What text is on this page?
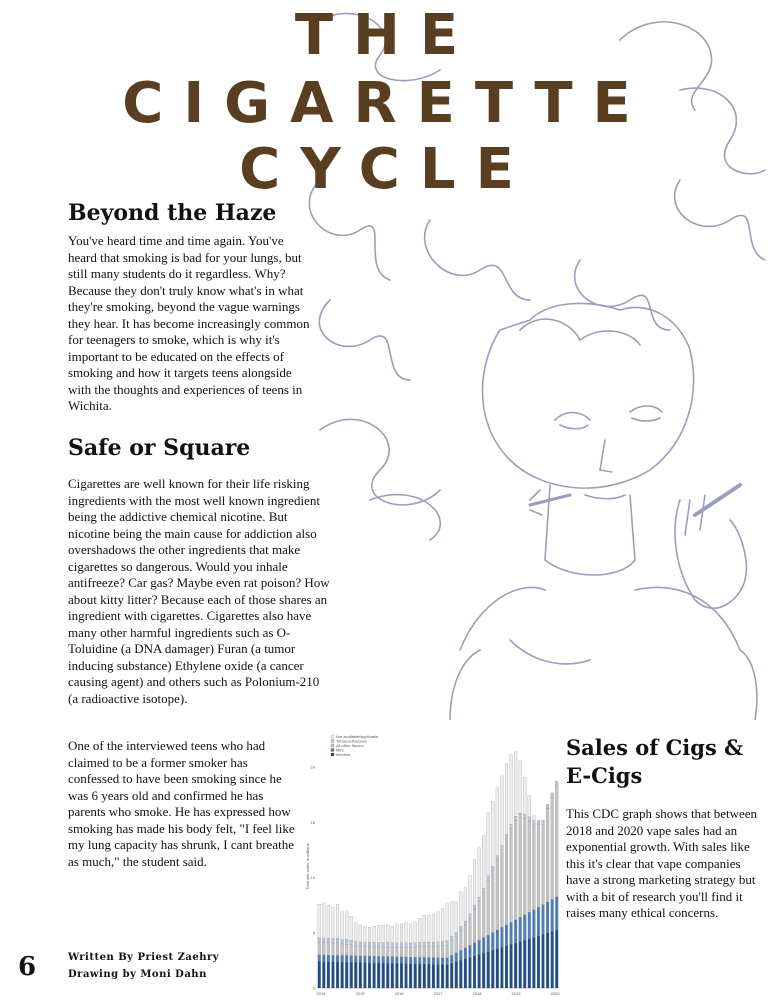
THE
CIGARETTE
CYCLE
Beyond the Haze
You've heard time and time again. You've heard that smoking is bad for your lungs, but still many students do it regardless. Why? Because they don't truly know what's in what they're smoking, beyond the vague warnings they hear. It has become increasingly common for teenagers to smoke, which is why it's important to be educated on the effects of smoking and how it targets teens alongside with the thoughts and experiences of teens in Wichita.
Safe or Square
Cigarettes are well known for their life risking ingredients with the most well known ingredient being the addictive chemical nicotine. But nicotine being the main cause for addiction also overshadows the other ingredients that make cigarettes so dangerous. Would you inhale antifreeze? Car gas? Maybe even rat poison? How about kitty litter? Because each of those shares an ingredient with cigarettes. Cigarettes also have many other harmful ingredients such as O-Toluidine (a DNA damager) Furan (a tumor inducing substance) Ethylene oxide (a cancer causing agent) and others such as Polonium-210 (a radioactive isotope).
One of the interviewed teens who had claimed to be a former smoker has confessed to have been smoking since he was 6 years old and confirmed he has parents who smoke. He has expressed how smoking has made his body felt, "I feel like my lung capacity has shrunk, I cant breathe as much," the student said.
Sales of Cigs & E-Cigs
This CDC graph shows that between 2018 and 2020 vape sales had an exponential growth. With sales like this it's clear that vape companies have a strong marketing strategy but with a bit of research you'll find it raises many ethical concerns.
0
5
10
15
20
2014	2015	2016	2017	2018	2019	2020
Total unit sales, in millions
Not available/applicable
Tobacco-flavored
All other flavors
Mint
Menthol
6	Written By Priest Zaehry
Drawing by Moni Dahn
